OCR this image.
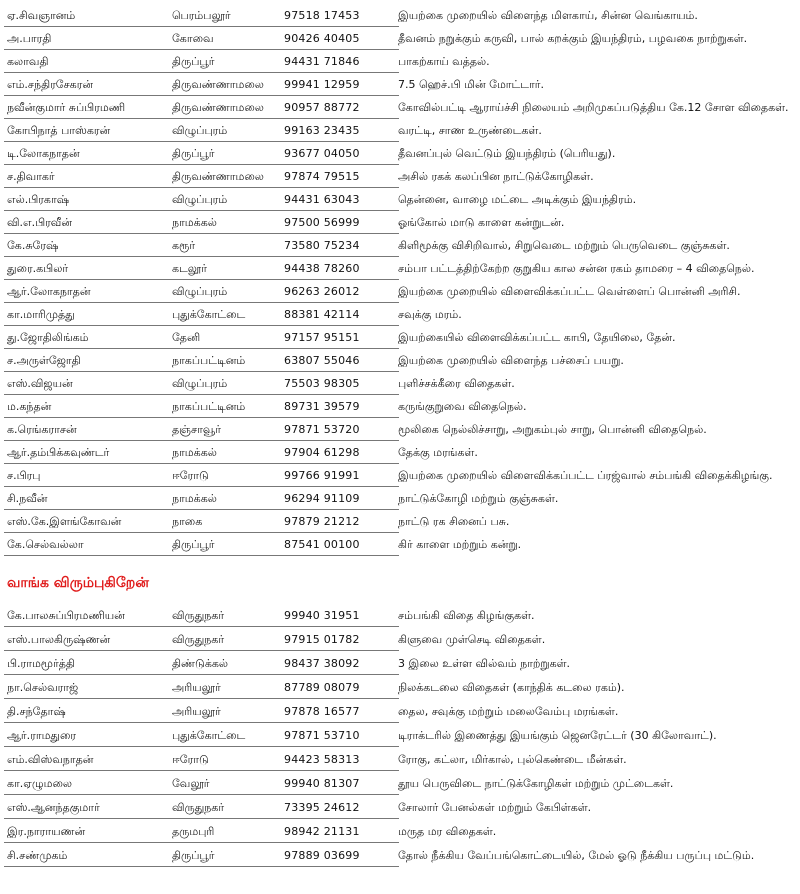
ஏ.சிவஞானம்	பெரம்பலூர்	97518 17453	இயற்கை முறையில் விளைந்த மிளகாய், சின்ன வெங்காயம்.
அ.பாரதி	கோவை	90426 40405	தீவனம் நறுக்கும் கருவி, பால் கறக்கும் இயந்திரம், பழவகை நாற்றுகள்.
கலாவதி	திருப்பூர்	94431 71846	பாகற்காய் வத்தல்.
எம்.சந்திரசேகரன்	திருவண்ணாமலை	99941 12959	7.5 ஹெச்.பி மின் மோட்டார்.
நவீன்குமார் சுப்பிரமணி	திருவண்ணாமலை	90957 88772	கோவில்பட்டி ஆராய்ச்சி நிலையம் அறிமுகப்படுத்திய கே.12 சோள விதைகள்.
கோபிநாத் பாஸ்கரன்	விழுப்புரம்	99163 23435	வரட்டி, சாண உருண்டைகள்.
டி.லோகநாதன்	திருப்பூர்	93677 04050	தீவனப்புல் வெட்டும் இயந்திரம் (பெரியது).
ச.திவாகர்	திருவண்ணாமலை	97874 79515	அசில் ரகக் கலப்பின நாட்டுக்கோழிகள்.
எல்.பிரகாஷ்	விழுப்புரம்	94431 63043	தென்னை, வாழை மட்டை அடிக்கும் இயந்திரம்.
வி.எ.பிரவீன்	நாமக்கல்	97500 56999	ஓங்கோல் மாடு காளை கன்றுடன்.
கே.சுரேஷ்	கரூர்	73580 75234	கிளிமூக்கு விசிறிவால், சிறுவெடை மற்றும் பெருவெடை குஞ்சுகள்.
துரை.கபிலர்	கடலூர்	94438 78260	சம்பா பட்டத்திற்கேற்ற குறுகிய கால சன்ன ரகம் தாமரை – 4 விதைநெல்.
ஆர்.லோகநாதன்	விழுப்புரம்	96263 26012	இயற்கை முறையில் விளைவிக்கப்பட்ட வெள்ளைப் பொன்னி அரிசி.
கா.மாரிமுத்து	புதுக்கோட்டை	88381 42114	சவுக்கு மரம்.
து.ஜோதிலிங்கம்	தேனி	97157 95151	இயற்கையில் விளைவிக்கப்பட்ட காபி, தேயிலை, தேன்.
ச.அருள்ஜோதி	நாகப்பட்டினம்	63807 55046	இயற்கை முறையில் விளைந்த பச்சைப் பயறு.
எஸ்.விஜயன்	விழுப்புரம்	75503 98305	புளிச்சக்கீரை விதைகள்.
ம.கந்தன்	நாகப்பட்டினம்	89731 39579	கருங்குறுவை விதைநெல்.
க.ரெங்கராசன்	தஞ்சாவூர்	97871 53720	மூலிகை நெல்லிச்சாறு, அறுகம்புல் சாறு, பொன்னி விதைநெல்.
ஆர்.தம்பிக்கவுண்டர்	நாமக்கல்	97904 61298	தேக்கு மரங்கள்.
ச.பிரபு	ஈரோடு	99766 91991	இயற்கை முறையில் விளைவிக்கப்பட்ட ப்ரஜ்வால் சம்பங்கி விதைக்கிழங்கு.
சி.நவீன்	நாமக்கல்	96294 91109	நாட்டுக்கோழி மற்றும் குஞ்சுகள்.
எஸ்.கே.இளங்கோவன்	நாகை	97879 21212	நாட்டு ரக சினைப் பசு.
கே.செல்வல்லா	திருப்பூர்	87541 00100	கிர் காளை மற்றும் கன்று.
வாங்க விரும்புகிறேன்
கே.பாலசுப்பிரமணியன்	விருதுநகர்	99940 31951	சம்பங்கி விதை கிழங்குகள்.
எஸ்.பாலகிருஷ்ணன்	விருதுநகர்	97915 01782	கிளுவை முள்செடி விதைகள்.
பி.ராமமூர்த்தி	திண்டுக்கல்	98437 38092	3 இலை உள்ள வில்வம் நாற்றுகள்.
நா.செல்வராஜ்	அரியலூர்	87789 08079	நிலக்கடலை விதைகள் (காந்திக் கடலை ரகம்).
தி.சந்தோஷ்	அரியலூர்	97878 16577	தைல, சவுக்கு மற்றும் மலைவேம்பு மரங்கள்.
ஆர்.ராமதுரை	புதுக்கோட்டை	97871 53710	டிராக்டரில் இணைத்து இயங்கும் ஜெனரேட்டர் (30 கிலோவாட்).
எம்.விஸ்வநாதன்	ஈரோடு	94423 58313	ரோகு, கட்லா, மிர்கால், புல்கெண்டை மீன்கள்.
கா.ஏழுமலை	வேலூர்	99940 81307	தூய பெருவிடை நாட்டுக்கோழிகள் மற்றும் முட்டைகள்.
எஸ்.ஆனந்தகுமார்	விருதுநகர்	73395 24612	சோலார் பேனல்கள் மற்றும் கேபிள்கள்.
இர.நாராயணன்	தருமபுரி	98942 21131	மருத மர விதைகள்.
சி.சண்முகம்	திருப்பூர்	97889 03699	தோல் நீக்கிய வேப்பங்கொட்டையில், மேல் ஓடு நீக்கிய பருப்பு மட்டும்.
